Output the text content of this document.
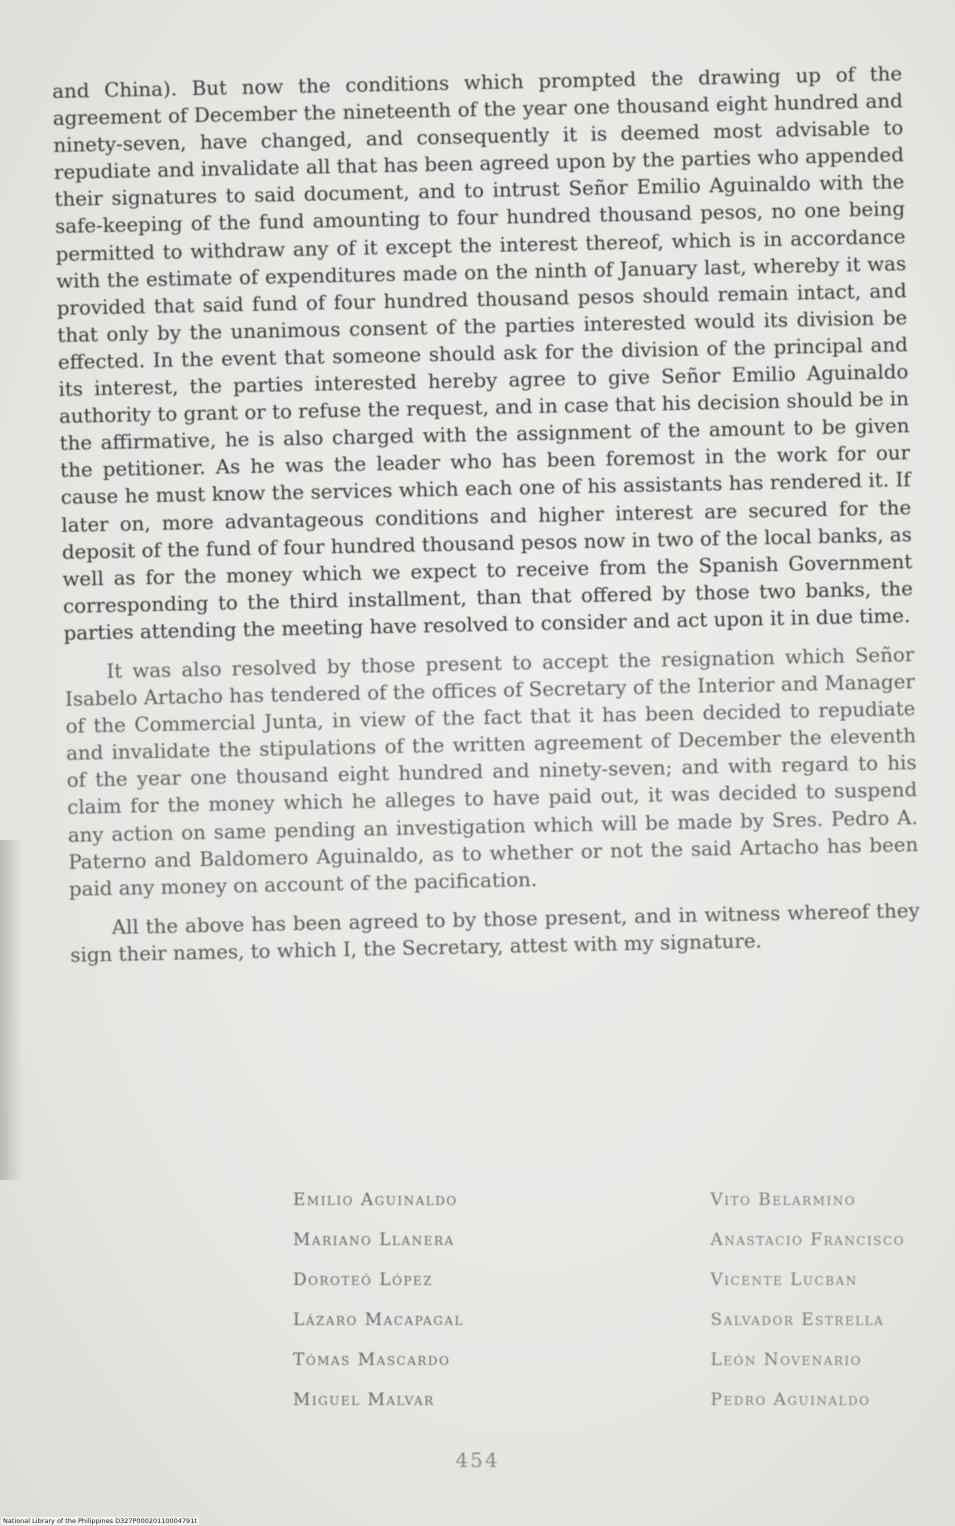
and China). But now the conditions which prompted the drawing up of the agreement of December the nineteenth of the year one thousand eight hundred and ninety-seven, have changed, and consequently it is deemed most advisable to repudiate and invalidate all that has been agreed upon by the parties who appended their signatures to said document, and to intrust Señor Emilio Aguinaldo with the safe-keeping of the fund amounting to four hundred thousand pesos, no one being permitted to withdraw any of it except the interest thereof, which is in accordance with the estimate of expenditures made on the ninth of January last, whereby it was provided that said fund of four hundred thousand pesos should remain intact, and that only by the unanimous consent of the parties interested would its division be effected. In the event that someone should ask for the division of the principal and its interest, the parties interested hereby agree to give Señor Emilio Aguinaldo authority to grant or to refuse the request, and in case that his decision should be in the affirmative, he is also charged with the assignment of the amount to be given the petitioner. As he was the leader who has been foremost in the work for our cause he must know the services which each one of his assistants has rendered it. If later on, more advantageous conditions and higher interest are secured for the deposit of the fund of four hundred thousand pesos now in two of the local banks, as well as for the money which we expect to receive from the Spanish Government corresponding to the third installment, than that offered by those two banks, the parties attending the meeting have resolved to consider and act upon it in due time.

It was also resolved by those present to accept the resignation which Señor Isabelo Artacho has tendered of the offices of Secretary of the Interior and Manager of the Commercial Junta, in view of the fact that it has been decided to repudiate and invalidate the stipulations of the written agreement of December the eleventh of the year one thousand eight hundred and ninety-seven; and with regard to his claim for the money which he alleges to have paid out, it was decided to suspend any action on same pending an investigation which will be made by Sres. Pedro A. Paterno and Baldomero Aguinaldo, as to whether or not the said Artacho has been paid any money on account of the pacification.

All the above has been agreed to by those present, and in witness whereof they sign their names, to which I, the Secretary, attest with my signature.

Emilio Aguinaldo
Mariano Llanera
Doroteó López
Lázaro Macapagal
Tómas Mascardo
Miguel Malvar
Vito Belarmino
Anastacio Francisco
Vicente Lucban
Salvador Estrella
León Novenario
Pedro Aguinaldo
454
National Library of the Philippines D327P00020110004791t
